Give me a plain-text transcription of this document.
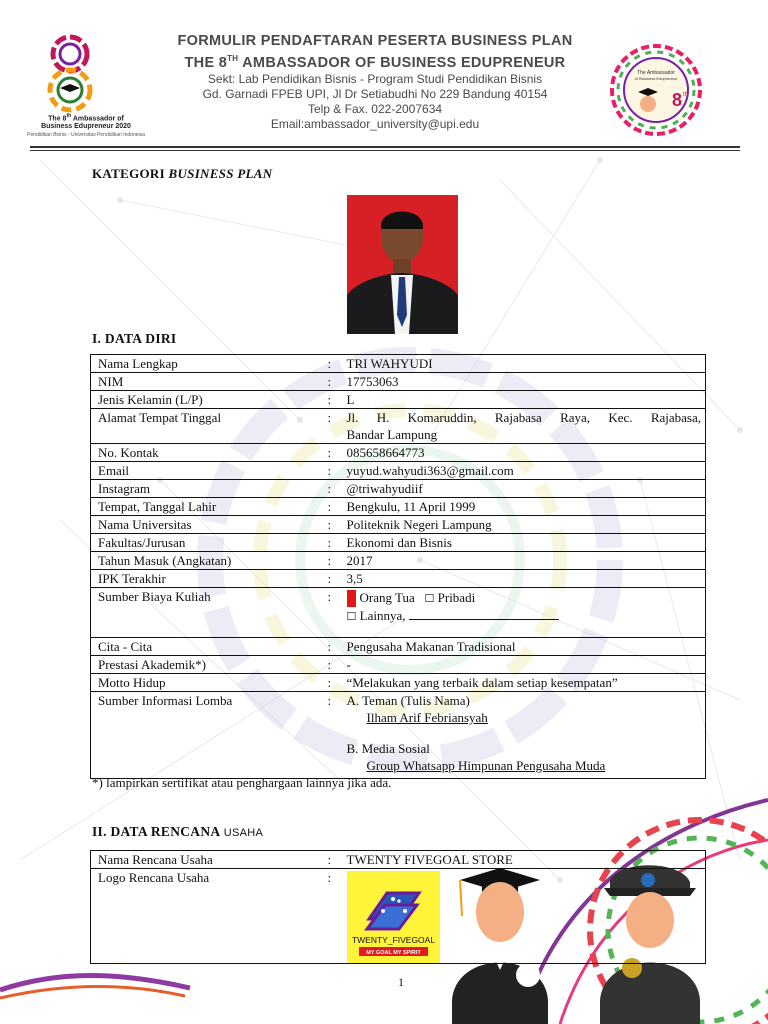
The 8th Ambassador of
Business Edupreneur 2020
Pendidikan Bisnis - Universitas Pendidikan Indonesia
FORMULIR PENDAFTARAN PESERTA BUSINESS PLAN
THE 8TH AMBASSADOR OF BUSINESS EDUPRENEUR
Sekt: Lab Pendidikan Bisnis - Program Studi Pendidikan Bisnis
Gd. Garnadi FPEB UPI, Jl Dr Setiabudhi No 229 Bandung 40154
Telp & Fax. 022-2007634
Email:ambassador_university@upi.edu
The Ambassador
of Business Edupreneur
8 th
KATEGORI BUSINESS PLAN
I. DATA DIRI
Nama Lengkap	:	TRI WAHYUDI
NIM	:	17753063
Jenis Kelamin (L/P)	:	L
Alamat Tempat Tinggal	:	Jl. H. Komaruddin, Rajabasa Raya, Kec. Rajabasa,
Bandar Lampung

No. Kontak	:	085658664773
Email	:	yuyud.wahyudi363@gmail.com
Instagram	:	@triwahyudiif
Tempat, Tanggal Lahir	:	Bengkulu, 11 April 1999
Nama Universitas	:	Politeknik Negeri Lampung
Fakultas/Jurusan	:	Ekonomi dan Bisnis
Tahun Masuk (Angkatan)	:	2017
IPK Terakhir	:	3,5
Sumber Biaya Kuliah	:	Orang Tua ☐ Pribadi
☐ Lainnya,

Cita - Cita	:	Pengusaha Makanan Tradisional
Prestasi Akademik*)	:	-
Motto Hidup	:	“Melakukan yang terbaik dalam setiap kesempatan”
Sumber Informasi Lomba	:	A. Teman (Tulis Nama)
Ilham Arif Febriansyah
B. Media Sosial
Group Whatsapp Himpunan Pengusaha Muda
*) lampirkan sertifikat atau penghargaan lainnya jika ada.
II. DATA RENCANA USAHA
Nama Rencana Usaha	:	TWENTY FIVEGOAL STORE
Logo Rencana Usaha	:	TWENTY_FIVEGOAL
MY GOAL MY SPIRIT
1
